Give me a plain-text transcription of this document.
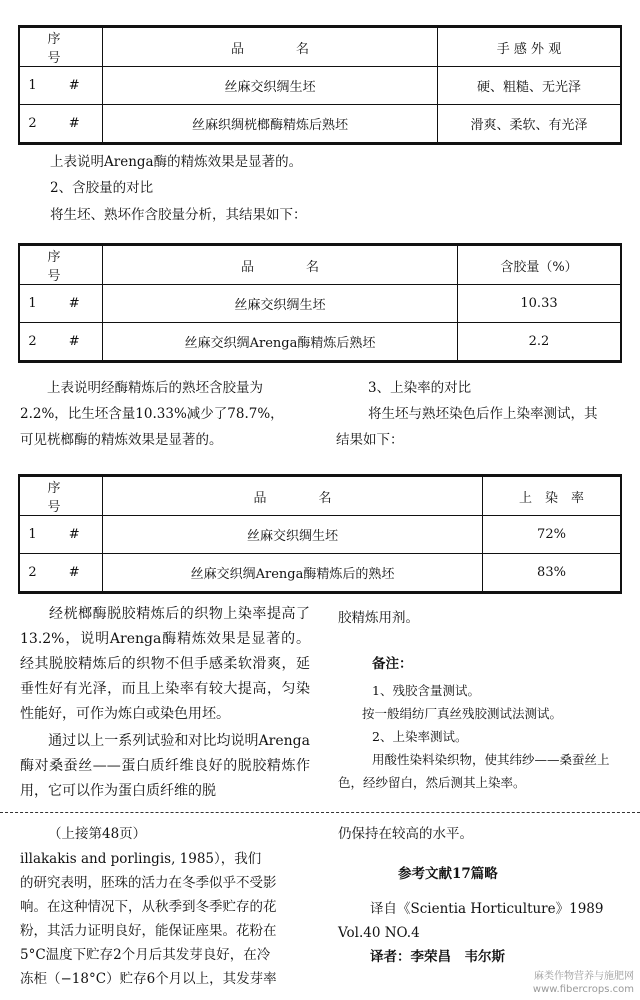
序　号	品　　　　名	手 感 外 观
1 #	丝麻交织绸生坯	硬、粗糙、无光泽
2 #	丝麻织绸桄榔酶精炼后熟坯	滑爽、柔软、有光泽

上表说明Arenga酶的精炼效果是显著的。

2、含胶量的对比

将生坯、熟坏作含胶量分析，其结果如下：

序　号	品　　　　名	含胶量（%）
1 #	丝麻交织绸生坯	10.33
2 #	丝麻交织绸Arenga酶精炼后熟坯	2.2

　　上表说明经酶精炼后的熟坯含胶量为

2.2%，比生坯含量10.33%减少了78.7%，

可见桄榔酶的精炼效果是显著的。

3、上染率的对比

将生坯与熟坯染色后作上染率测试，其

结果如下：

序　号	品　　　　名	上　染　率
1 #	丝麻交织绸生坯	72%
2 #	丝麻交织绸Arenga酶精炼后的熟坯	83%

　　经桄榔酶脱胶精炼后的织物上染率提高了13.2%，说明Arenga酶精炼效果是显著的。经其脱胶精炼后的织物不但手感柔软滑爽，延垂性好有光泽，而且上染率有较大提高，匀染性能好，可作为炼白或染色用坯。

　　通过以上一系列试验和对比均说明Arenga酶对桑蚕丝——蛋白质纤维良好的脱胶精炼作用，它可以作为蛋白质纤维的脱

胶精炼用剂。

备注：

1、残胶含量测试。

按一般绢纺厂真丝残胶测试法测试。

2、上染率测试。

用酸性染料染织物，使其纬纱——桑蚕丝上

色，经纱留白，然后测其上染率。

（上接第48页）

illakakis and porlingis, 1985），我们

的研究表明，胚珠的活力在冬季似乎不受影

响。在这种情况下，从秋季到冬季贮存的花

粉，其活力证明良好，能保证座果。花粉在

5°C温度下贮存2个月后其发芽良好，在冷

冻柜（−18°C）贮存6个月以上，其发芽率

仍保持在较高的水平。

参考文献17篇略

译自《Scientia Horticulture》1989

Vol.40 NO.4

译者：李荣昌　韦尔斯

麻类作物营养与施肥网
www.fibercrops.com
